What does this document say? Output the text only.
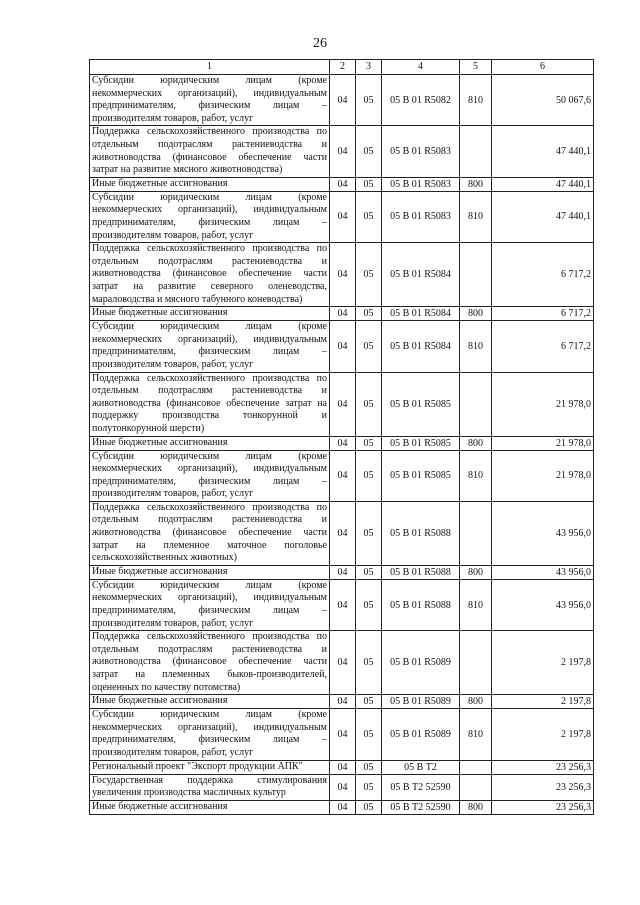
26
1	2	3	4	5	6
Субсидии юридическим лицам (кроме некоммерческих организаций), индивидуальным предпринимателям, физическим лицам – производителям товаров, работ, услуг	04	05	05 В 01 R5082	810	50 067,6
Поддержка сельскохозяйственного производства по отдельным подотраслям растениеводства и животноводства (финансовое обеспечение части затрат на развитие мясного животноводства)	04	05	05 В 01 R5083		47 440,1
Иные бюджетные ассигнования	04	05	05 В 01 R5083	800	47 440,1
Субсидии юридическим лицам (кроме некоммерческих организаций), индивидуальным предпринимателям, физическим лицам – производителям товаров, работ, услуг	04	05	05 В 01 R5083	810	47 440,1
Поддержка сельскохозяйственного производства по отдельным подотраслям растениеводства и животноводства (финансовое обеспечение части затрат на развитие северного оленеводства, мараловодства и мясного табунного коневодства)	04	05	05 В 01 R5084		6 717,2
Иные бюджетные ассигнования	04	05	05 В 01 R5084	800	6 717,2
Субсидии юридическим лицам (кроме некоммерческих организаций), индивидуальным предпринимателям, физическим лицам – производителям товаров, работ, услуг	04	05	05 В 01 R5084	810	6 717,2
Поддержка сельскохозяйственного производства по отдельным подотраслям растениеводства и животноводства (финансовое обеспечение затрат на поддержку производства тонкорунной и полутонкорунной шерсти)	04	05	05 В 01 R5085		21 978,0
Иные бюджетные ассигнования	04	05	05 В 01 R5085	800	21 978,0
Субсидии юридическим лицам (кроме некоммерческих организаций), индивидуальным предпринимателям, физическим лицам – производителям товаров, работ, услуг	04	05	05 В 01 R5085	810	21 978,0
Поддержка сельскохозяйственного производства по отдельным подотраслям растениеводства и животноводства (финансовое обеспечение части затрат на племенное маточное поголовье сельскохозяйственных животных)	04	05	05 В 01 R5088		43 956,0
Иные бюджетные ассигнования	04	05	05 В 01 R5088	800	43 956,0
Субсидии юридическим лицам (кроме некоммерческих организаций), индивидуальным предпринимателям, физическим лицам – производителям товаров, работ, услуг	04	05	05 В 01 R5088	810	43 956,0
Поддержка сельскохозяйственного производства по отдельным подотраслям растениеводства и животноводства (финансовое обеспечение части затрат на племенных быков-производителей, оцененных по качеству потомства)	04	05	05 В 01 R5089		2 197,8
Иные бюджетные ассигнования	04	05	05 В 01 R5089	800	2 197,8
Субсидии юридическим лицам (кроме некоммерческих организаций), индивидуальным предпринимателям, физическим лицам – производителям товаров, работ, услуг	04	05	05 В 01 R5089	810	2 197,8
Региональный проект "Экспорт продукции АПК"	04	05	05 В Т2		23 256,3
Государственная поддержка стимулирования увеличения производства масличных культур	04	05	05 В Т2 52590		23 256,3
Иные бюджетные ассигнования	04	05	05 В Т2 52590	800	23 256,3
